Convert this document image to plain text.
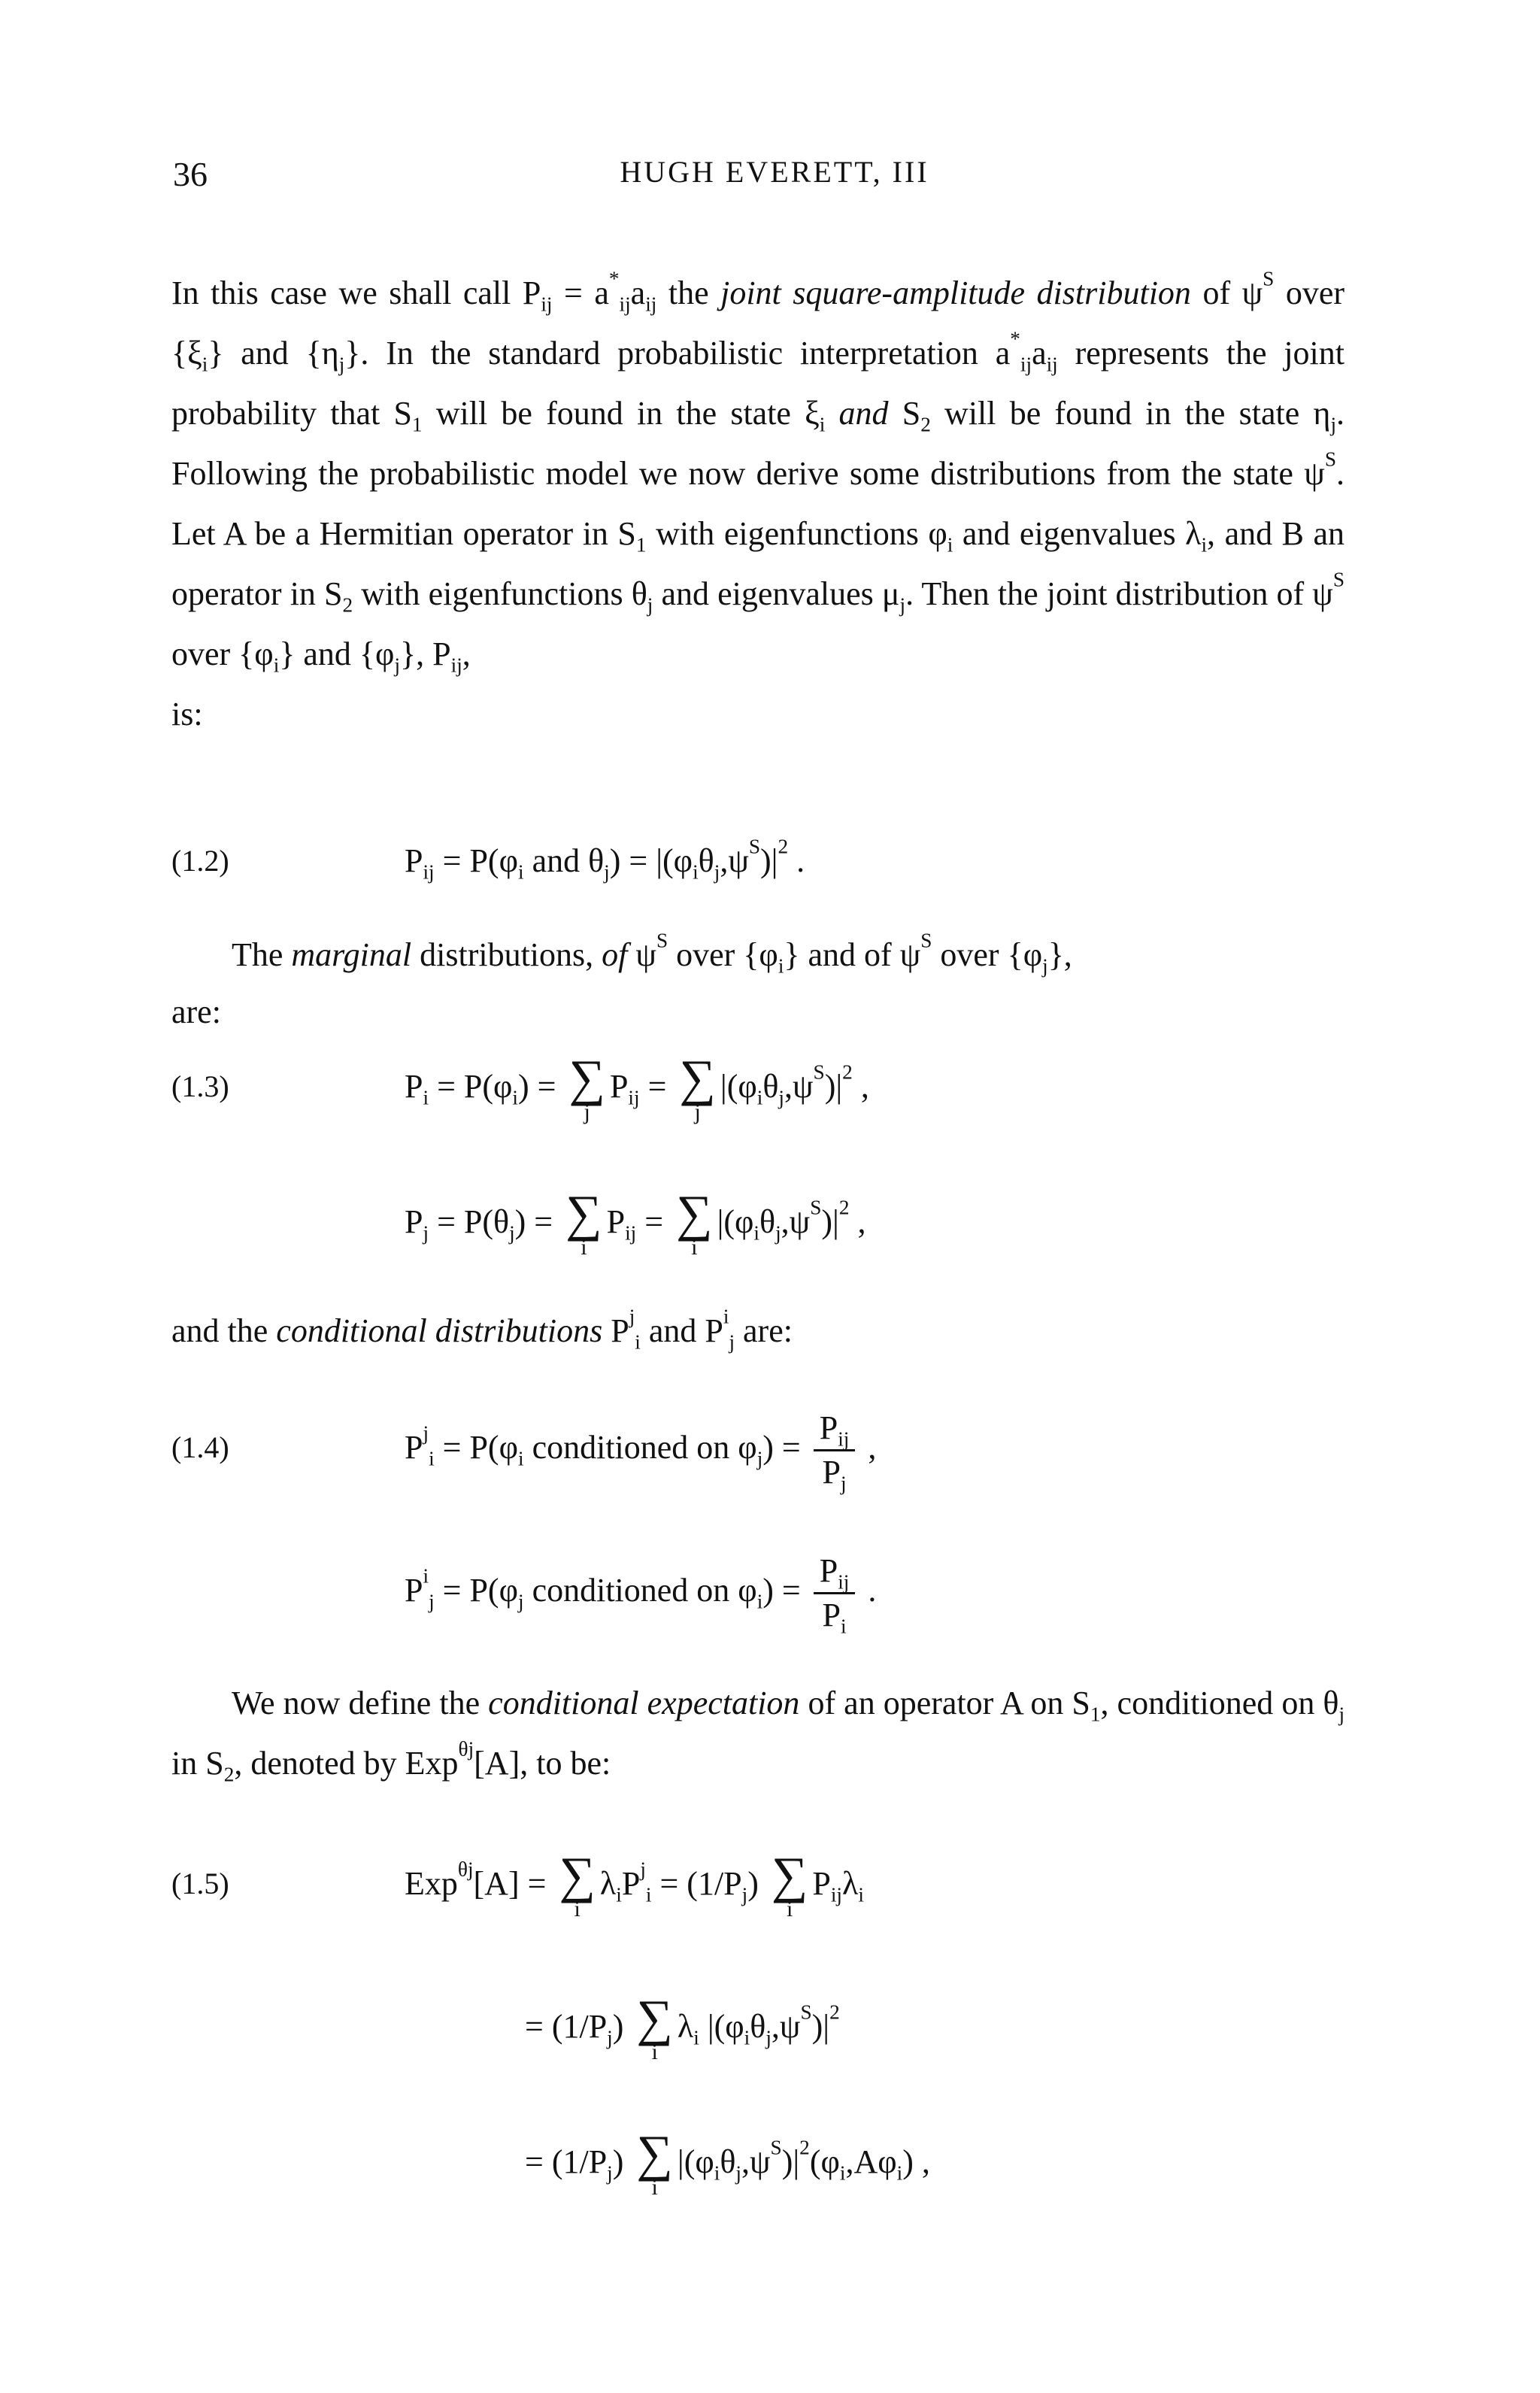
36	HUGH EVERETT, III
In this case we shall call $P_{ij} = a^*_{ij}a_{ij}$ the joint square-amplitude distribution of $\psi^S$ over $\{\xi_i\}$ and $\{\eta_j\}$. In the standard probabilistic interpretation $a^*_{ij}a_{ij}$ represents the joint probability that $S_1$ will be found in the state $\xi_i$ and $S_2$ will be found in the state $\eta_j$. Following the probabilistic model we now derive some distributions from the state $\psi^S$. Let A be a Hermitian operator in $S_1$ with eigenfunctions $\varphi_i$ and eigenvalues $\lambda_i$, and B an operator in $S_2$ with eigenfunctions $\theta_j$ and eigenvalues $\mu_j$. Then the joint distribution of $\psi^S$ over $\{\varphi_i\}$ and $\{\varphi_j\}$, $P_{ij}$,
is:
(1.2)	$P_{ij} = P(\varphi_i$ and $\theta_j) = |(\varphi_i\theta_j,\psi^S)|^2$ .
The marginal distributions, of $\psi^S$ over $\{\varphi_i\}$ and of $\psi^S$ over $\{\varphi_j\}$,
are:
(1.3)	$P_i = P(\varphi_i)$ = ∑
j
$P_{ij}$ = ∑
j
$|(\varphi_i\theta_j,\psi^S)|^2$ ,
$P_j = P(\theta_j)$ = ∑
i
$P_{ij}$ = ∑
i
$|(\varphi_i\theta_j,\psi^S)|^2$ ,
and the conditional distributions $P^j_i$ and $P^i_j$ are:
(1.4)	$P^j_i = P(\varphi_i$ conditioned on $\varphi_j) = \frac{P_{ij}}{P_j}$ ,
$P^i_j = P(\varphi_j$ conditioned on $\varphi_i) = \frac{P_{ij}}{P_i}$ .
We now define the conditional expectation of an operator A on $S_1$, conditioned on $\theta_j$ in $S_2$, denoted by Exp$^{\theta j}$[A], to be:
(1.5)	Exp$^{\theta j}$[A] = ∑
i
$\lambda_iP^j_i = (1/P_j)$ ∑
i
$P_{ij}\lambda_i$
= $(1/P_j)$ ∑
i
$\lambda_i$ $|(\varphi_i\theta_j,\psi^S)|^2$
= $(1/P_j)$ ∑
i
$|(\varphi_i\theta_j,\psi^S)|^2(\varphi_i,A\varphi_i)$ ,
